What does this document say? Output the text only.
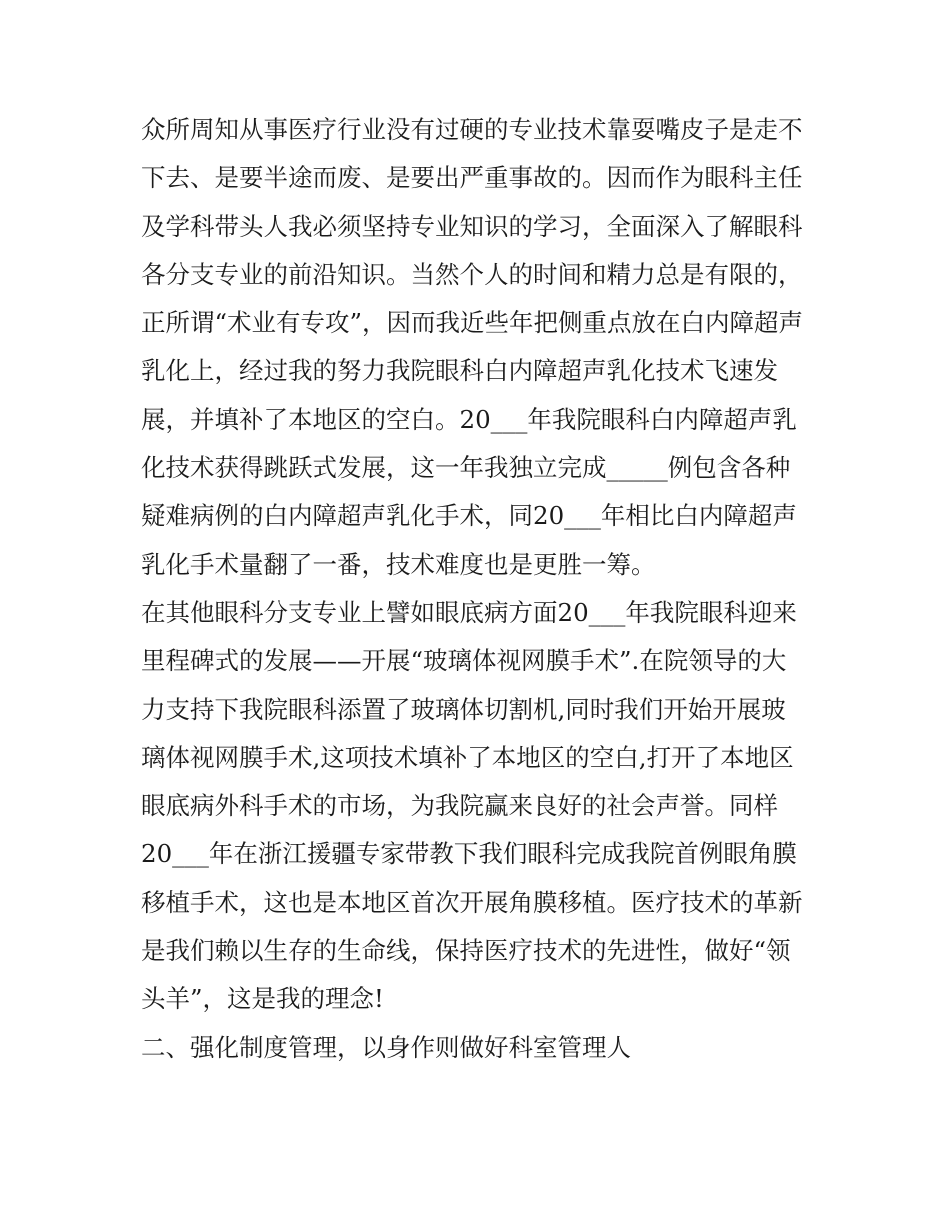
众所周知从事医疗行业没有过硬的专业技术靠耍嘴皮子是走不
下去、是要半途而废、是要出严重事故的。因而作为眼科主任
及学科带头人我必须坚持专业知识的学习，全面深入了解眼科
各分支专业的前沿知识。当然个人的时间和精力总是有限的，
正所谓“术业有专攻”，因而我近些年把侧重点放在白内障超声
乳化上，经过我的努力我院眼科白内障超声乳化技术飞速发
展，并填补了本地区的空白。20___年我院眼科白内障超声乳
化技术获得跳跃式发展，这一年我独立完成_____例包含各种
疑难病例的白内障超声乳化手术，同20___年相比白内障超声
乳化手术量翻了一番，技术难度也是更胜一筹。
在其他眼科分支专业上譬如眼底病方面20___年我院眼科迎来
里程碑式的发展——开展“玻璃体视网膜手术”.在院领导的大
力支持下我院眼科添置了玻璃体切割机,同时我们开始开展玻
璃体视网膜手术,这项技术填补了本地区的空白,打开了本地区
眼底病外科手术的市场，为我院赢来良好的社会声誉。同样
20___年在浙江援疆专家带教下我们眼科完成我院首例眼角膜
移植手术，这也是本地区首次开展角膜移植。医疗技术的革新
是我们赖以生存的生命线，保持医疗技术的先进性，做好“领
头羊”，这是我的理念!
二、强化制度管理，以身作则做好科室管理人
